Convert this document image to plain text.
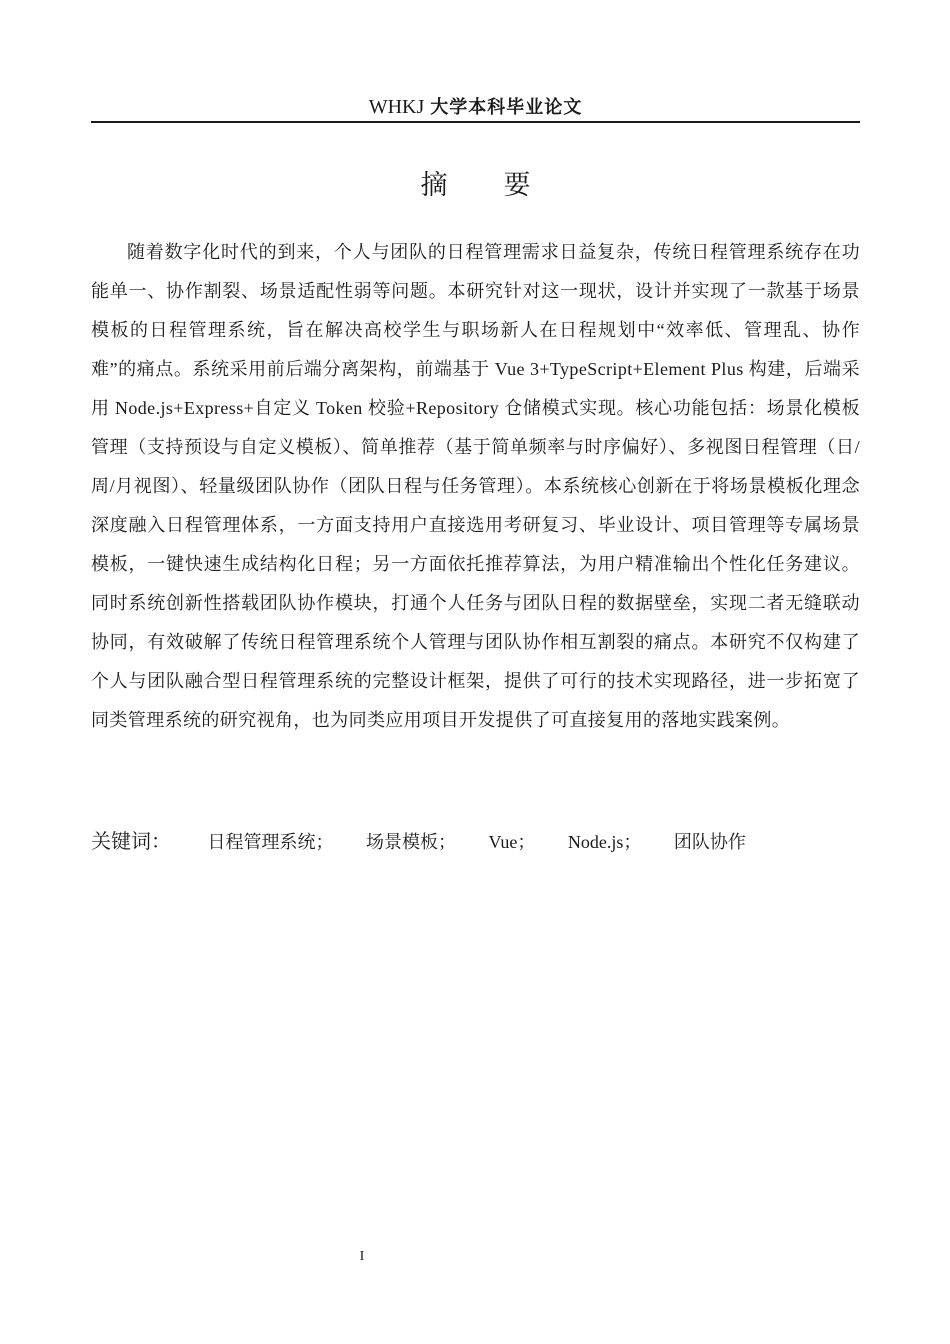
WHKJ 大学本科毕业论文
摘要

随着数字化时代的到来，个人与团队的日程管理需求日益复杂，传统日程管理系统存在功能单一、协作割裂、场景适配性弱等问题。本研究针对这一现状，设计并实现了一款基于场景模板的日程管理系统，旨在解决高校学生与职场新人在日程规划中“效率低、管理乱、协作难”的痛点。系统采用前后端分离架构，前端基于 Vue 3+TypeScript+Element Plus 构建，后端采用 Node.js+Express+自定义 Token 校验+Repository 仓储模式实现。核心功能包括：场景化模板管理（支持预设与自定义模板）、简单推荐（基于简单频率与时序偏好）、多视图日程管理（日/周/月视图）、轻量级团队协作（团队日程与任务管理）。本系统核心创新在于将场景模板化理念深度融入日程管理体系，一方面支持用户直接选用考研复习、毕业设计、项目管理等专属场景模板，一键快速生成结构化日程；另一方面依托推荐算法，为用户精准输出个性化任务建议。同时系统创新性搭载团队协作模块，打通个人任务与团队日程的数据壁垒，实现二者无缝联动协同，有效破解了传统日程管理系统个人管理与团队协作相互割裂的痛点。本研究不仅构建了个人与团队融合型日程管理系统的完整设计框架，提供了可行的技术实现路径，进一步拓宽了同类管理系统的研究视角，也为同类应用项目开发提供了可直接复用的落地实践案例。

关键词： 日程管理系统； 场景模板； Vue； Node.js； 团队协作
I
